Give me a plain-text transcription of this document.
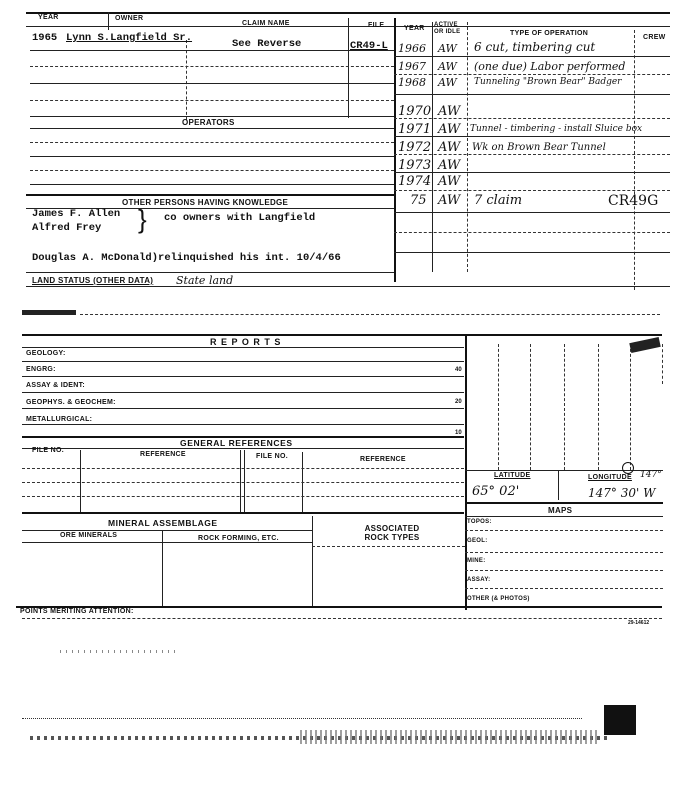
YEAR	OWNER
CLAIM NAME	FILE	YEAR ACTIVE OR IDLE	TYPE OF OPERATION
CREW
1965 Lynn S.Langfield Sr.	See Reverse	CR49-L
OPERATORS
1966 AW 6 cut, timbering cut
1967 AW (one due) Labor performed
1968 AW Tunneling "Brown Bear" Badger
1970 AW
1971 AW Tunnel - timbering - install Sluice box
1972 AW Wk on Brown Bear Tunnel
1973 AW
1974 AW
75 AW 7 claim	CR49G
OTHER PERSONS HAVING KNOWLEDGE
James F. Allen
Alfred Frey } co owners with Langfield
Douglas A. McDonald)relinquished his int. 10/4/66
LAND STATUS (OTHER DATA) State land
R E P O R T S
GEOLOGY:
ENGRG:	40
ASSAY & IDENT:
GEOPHYS. & GEOCHEM:	20
METALLURGICAL:
10
GENERAL REFERENCES
FILE NO.
REFERENCE	FILE NO.	REFERENCE
LATITUDE	LONGITUDE 147°
65° 02'	147° 30' W
MAPS
TOPOS:
GEOL:
MINE:
ASSAY:
OTHER (& PHOTOS)
MINERAL ASSEMBLAGE
ORE MINERALS	ROCK FORMING, ETC.
ASSOCIATED ROCK TYPES
POINTS MERITING ATTENTION:
29-14612
